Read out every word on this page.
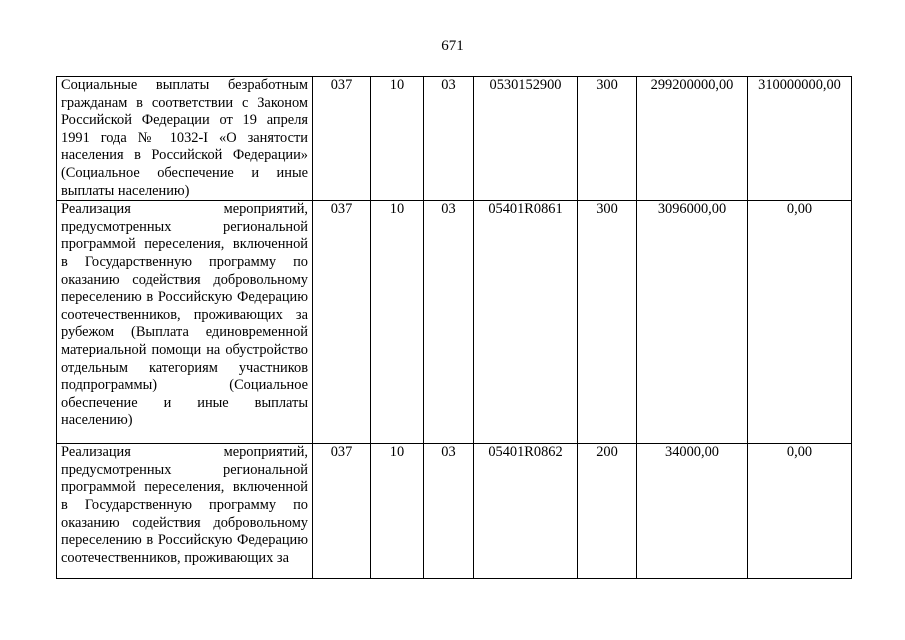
671
Социальные выплаты безработным гражданам в соответствии с Законом Российской Федерации от 19 апреля 1991 года № 1032-I «О занятости населения в Российской Федерации» (Социальное обеспечение и иные выплаты населению)	037	10	03	0530152900	300	299200000,00	310000000,00
Реализация мероприятий, предусмотренных региональной программой переселения, включенной в Государственную программу по оказанию содействия добровольному переселению в Российскую Федерацию соотечественников, проживающих за рубежом (Выплата единовременной материальной помощи на обустройство отдельным категориям участников подпрограммы) (Социальное обеспечение и иные выплаты населению)	037	10	03	05401R0861	300	3096000,00	0,00
Реализация мероприятий, предусмотренных региональной программой переселения, включенной в Государственную программу по оказанию содействия добровольному переселению в Российскую Федерацию соотечественников, проживающих за	037	10	03	05401R0862	200	34000,00	0,00
